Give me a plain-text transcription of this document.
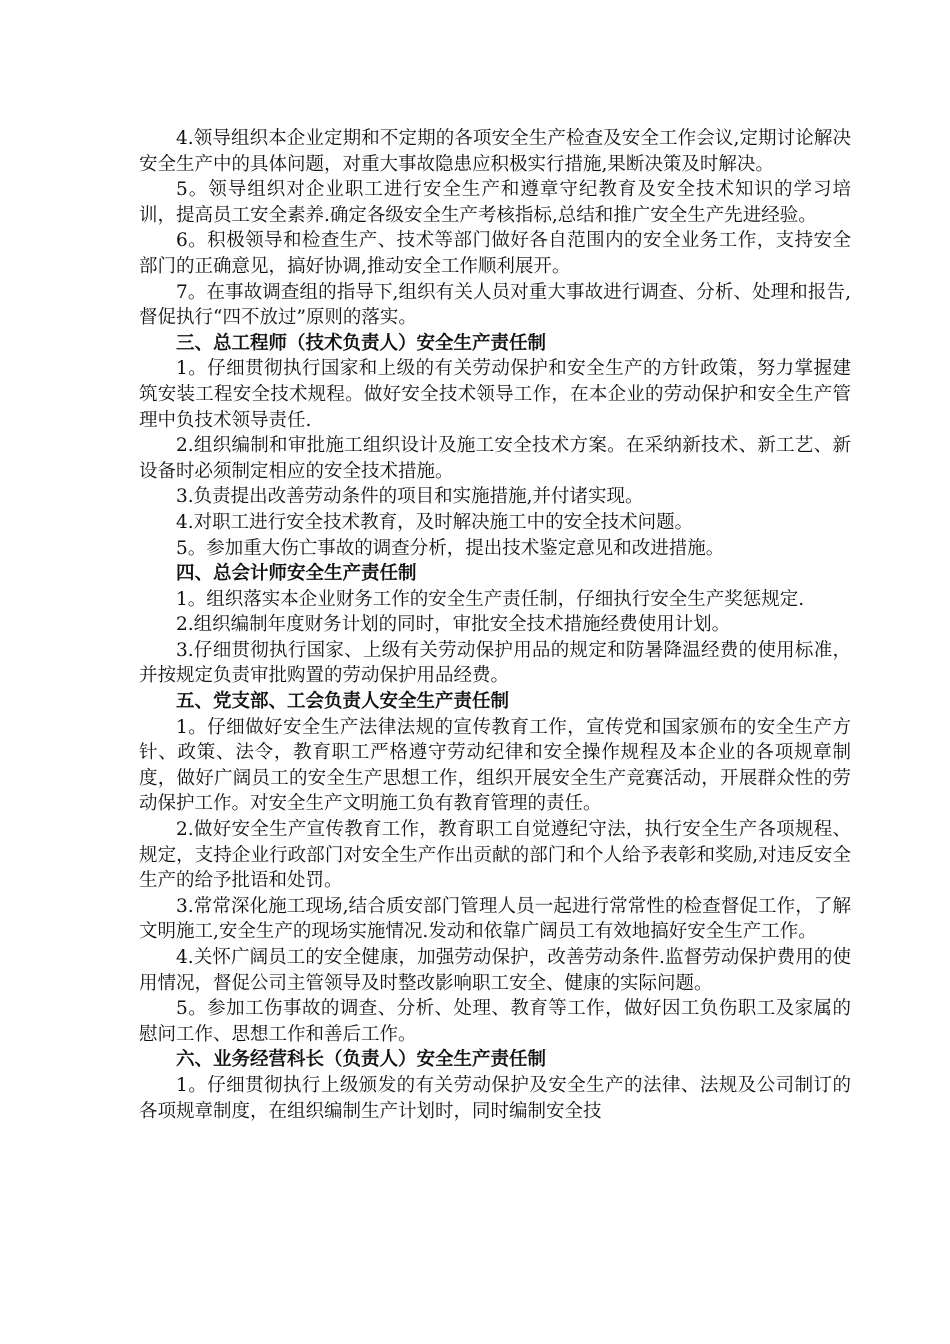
4.领导组织本企业定期和不定期的各项安全生产检查及安全工作会议,定期讨论解决安全生产中的具体问题，对重大事故隐患应积极实行措施,果断决策及时解决。

5。领导组织对企业职工进行安全生产和遵章守纪教育及安全技术知识的学习培训，提高员工安全素养.确定各级安全生产考核指标,总结和推广安全生产先进经验。

6。积极领导和检查生产、技术等部门做好各自范围内的安全业务工作，支持安全部门的正确意见，搞好协调,推动安全工作顺利展开。

7。在事故调查组的指导下,组织有关人员对重大事故进行调查、分析、处理和报告,督促执行“四不放过”原则的落实。

三、总工程师（技术负责人）安全生产责任制

1。仔细贯彻执行国家和上级的有关劳动保护和安全生产的方针政策，努力掌握建筑安装工程安全技术规程。做好安全技术领导工作，在本企业的劳动保护和安全生产管理中负技术领导责任.

2.组织编制和审批施工组织设计及施工安全技术方案。在采纳新技术、新工艺、新设备时必须制定相应的安全技术措施。

3.负责提出改善劳动条件的项目和实施措施,并付诸实现。

4.对职工进行安全技术教育，及时解决施工中的安全技术问题。

5。参加重大伤亡事故的调查分析，提出技术鉴定意见和改进措施。

四、总会计师安全生产责任制

1。组织落实本企业财务工作的安全生产责任制，仔细执行安全生产奖惩规定.

2.组织编制年度财务计划的同时，审批安全技术措施经费使用计划。

3.仔细贯彻执行国家、上级有关劳动保护用品的规定和防暑降温经费的使用标准，并按规定负责审批购置的劳动保护用品经费。

五、党支部、工会负责人安全生产责任制

1。仔细做好安全生产法律法规的宣传教育工作，宣传党和国家颁布的安全生产方针、政策、法令，教育职工严格遵守劳动纪律和安全操作规程及本企业的各项规章制度，做好广阔员工的安全生产思想工作，组织开展安全生产竞赛活动，开展群众性的劳动保护工作。对安全生产文明施工负有教育管理的责任。

2.做好安全生产宣传教育工作，教育职工自觉遵纪守法，执行安全生产各项规程、规定，支持企业行政部门对安全生产作出贡献的部门和个人给予表彰和奖励,对违反安全生产的给予批语和处罚。

3.常常深化施工现场,结合质安部门管理人员一起进行常常性的检查督促工作，了解文明施工,安全生产的现场实施情况.发动和依靠广阔员工有效地搞好安全生产工作。

4.关怀广阔员工的安全健康，加强劳动保护，改善劳动条件.监督劳动保护费用的使用情况，督促公司主管领导及时整改影响职工安全、健康的实际问题。

5。参加工伤事故的调查、分析、处理、教育等工作，做好因工负伤职工及家属的慰问工作、思想工作和善后工作。

六、业务经营科长（负责人）安全生产责任制

1。仔细贯彻执行上级颁发的有关劳动保护及安全生产的法律、法规及公司制订的各项规章制度，在组织编制生产计划时，同时编制安全技
